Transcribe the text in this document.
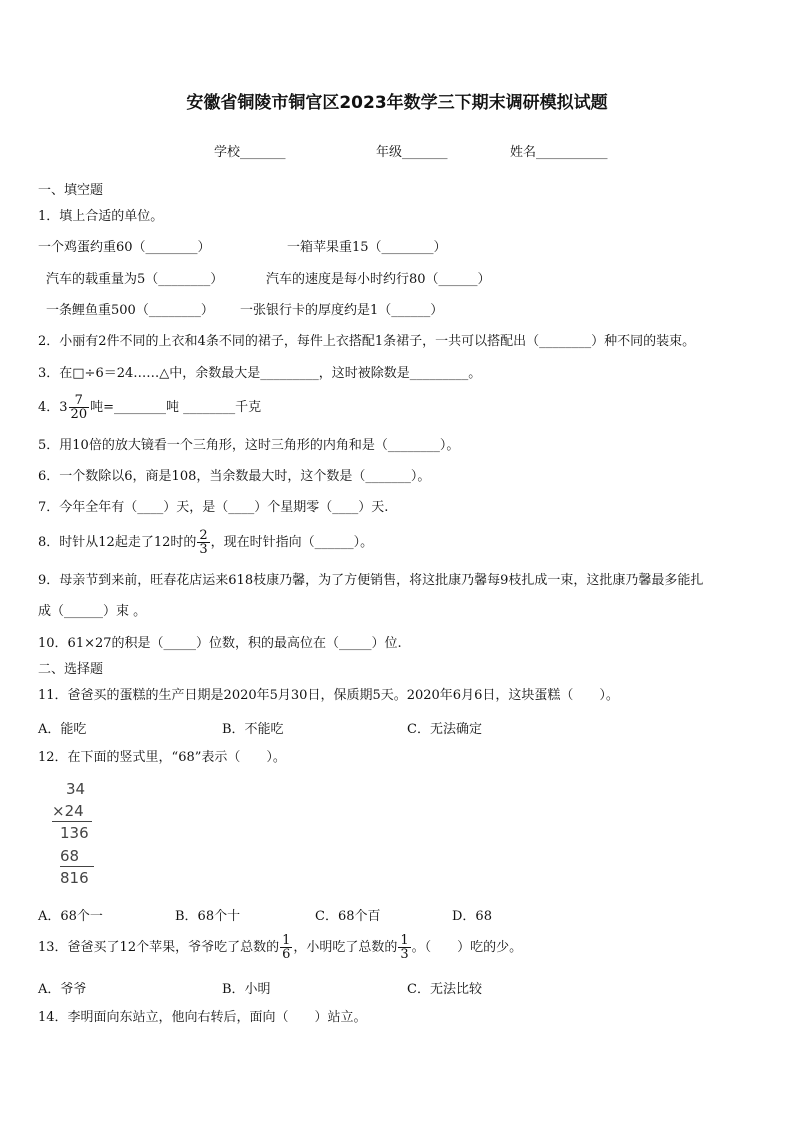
安徽省铜陵市铜官区2023年数学三下期末调研模拟试题
学校_______	年级_______	姓名___________
一、填空题
1．填上合适的单位。
一个鸡蛋约重60（________）	一箱苹果重15（________）
汽车的载重量为5（________）	汽车的速度是每小时约行80（______）
一条鲤鱼重500（________） 一张银行卡的厚度约是1（______）
2．小丽有2件不同的上衣和4条不同的裙子，每件上衣搭配1条裙子，一共可以搭配出（________）种不同的装束。
3．在□÷6＝24……△中，余数最大是_________，这时被除数是_________。
4．$3 \frac{7}{20}$ 吨=________吨 ________千克
5．用10倍的放大镜看一个三角形，这时三角形的内角和是（________）。
6．一个数除以6，商是108，当余数最大时，这个数是（_______）。
7．今年全年有（____）天，是（____）个星期零（____）天.
8．时针从12起走了12时的 $\frac{2}{3}$ ，现在时针指向（______）。
9．母亲节到来前，旺春花店运来618枝康乃馨，为了方便销售，将这批康乃馨每9枝扎成一束，这批康乃馨最多能扎
成（______）束 。
10．61×27的积是（_____）位数，积的最高位在（_____）位.
二、选择题
11．爸爸买的蛋糕的生产日期是2020年5月30日，保质期5天。2020年6月6日，这块蛋糕（　　）。
A．能吃	B．不能吃	C．无法确定
12．在下面的竖式里，“68”表示（　　）。
34
×24
136
68
816
A．68个一	B．68个十	C．68个百	D．68
13．爸爸买了12个苹果，爷爷吃了总数的 $\frac{1}{6}$ ，小明吃了总数的 $\frac{1}{3}$ 。（　　）吃的少。
A．爷爷	B．小明	C．无法比较
14．李明面向东站立，他向右转后，面向（　　）站立。
